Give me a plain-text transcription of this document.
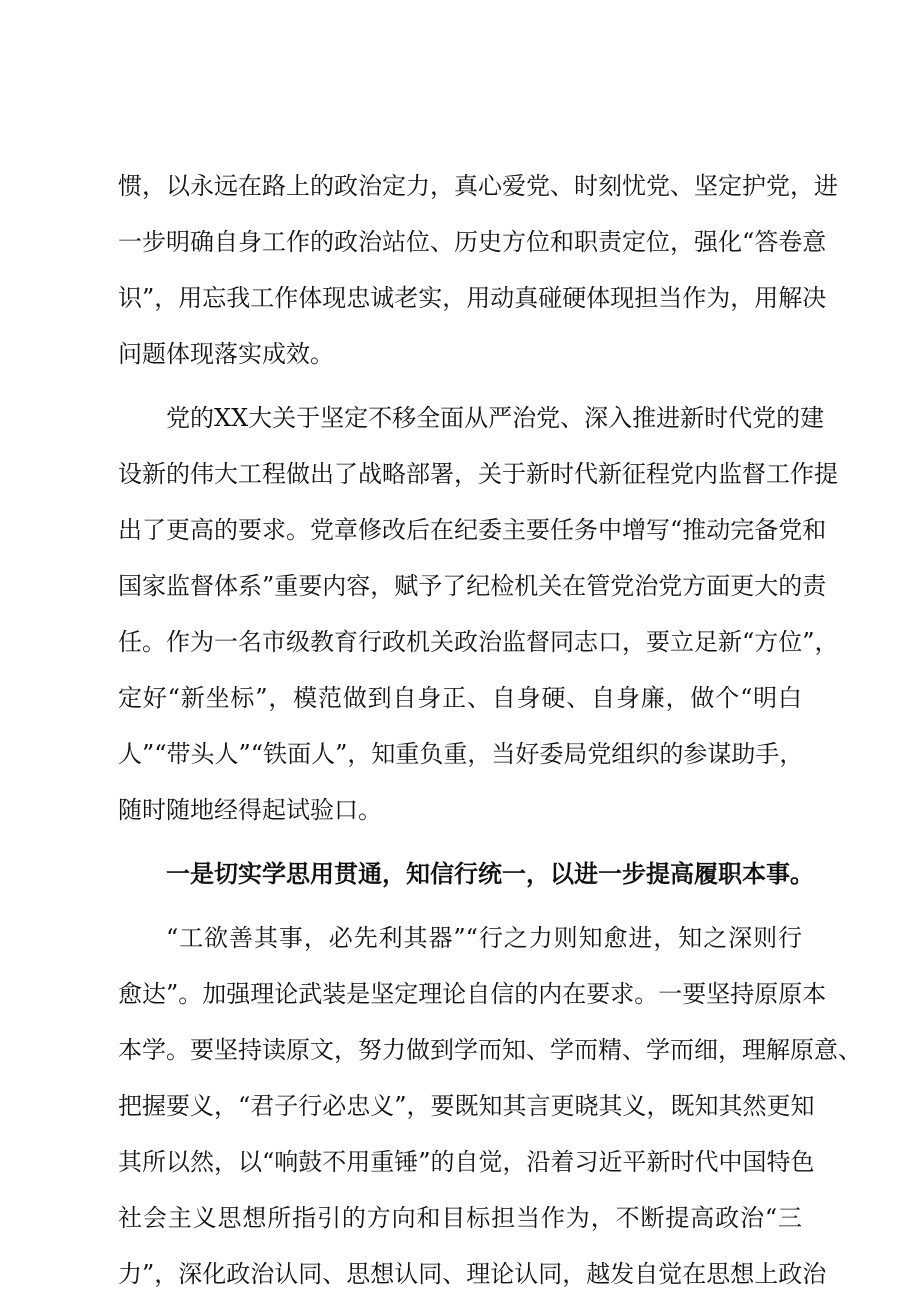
惯，以永远在路上的政治定力，真心爱党、时刻忧党、坚定护党，进
一步明确自身工作的政治站位、历史方位和职责定位，强化“答卷意
识”，用忘我工作体现忠诚老实，用动真碰硬体现担当作为，用解决
问题体现落实成效。
党的XX大关于坚定不移全面从严治党、深入推进新时代党的建
设新的伟大工程做出了战略部署，关于新时代新征程党内监督工作提
出了更高的要求。党章修改后在纪委主要任务中增写“推动完备党和
国家监督体系”重要内容，赋予了纪检机关在管党治党方面更大的责
任。作为一名市级教育行政机关政治监督同志口，要立足新“方位”，
定好“新坐标”，模范做到自身正、自身硬、自身廉，做个“明白
人”“带头人”“铁面人”，知重负重，当好委局党组织的参谋助手，
随时随地经得起试验口。
一是切实学思用贯通，知信行统一，以进一步提高履职本事。
“工欲善其事，必先利其器”“行之力则知愈进，知之深则行
愈达”。加强理论武装是坚定理论自信的内在要求。一要坚持原原本
本学。要坚持读原文，努力做到学而知、学而精、学而细，理解原意、
把握要义，“君子行必忠义”，要既知其言更晓其义，既知其然更知
其所以然，以“响鼓不用重锤”的自觉，沿着习近平新时代中国特色
社会主义思想所指引的方向和目标担当作为，不断提高政治“三
力”，深化政治认同、思想认同、理论认同，越发自觉在思想上政治
